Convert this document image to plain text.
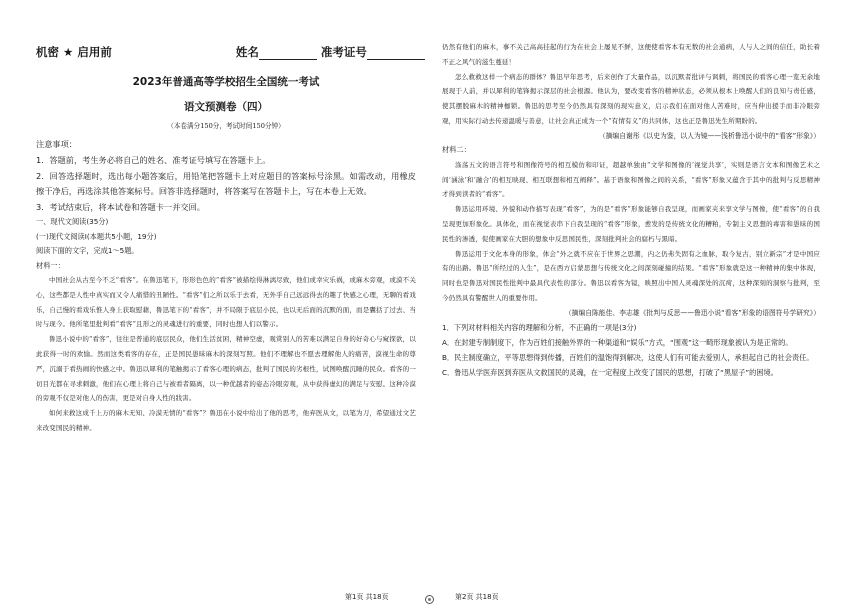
机密 ★ 启用前	姓名	准考证号
2023年普通高等学校招生全国统一考试
语文预测卷（四）
（本卷满分150分，考试时间150分钟）
注意事项：
1．答题前，考生务必将自己的姓名、准考证号填写在答题卡上。
2．回答选择题时，选出每小题答案后，用铅笔把答题卡上对应题目的答案标号涂黑。如需改动，用橡皮擦干净后，再选涂其他答案标号。回答非选择题时，将答案写在答题卡上，写在本卷上无效。
3．考试结束后，将本试卷和答题卡一并交回。
一、现代文阅读(35分)
(一)现代文阅读Ⅰ(本题共5小题，19分)
阅读下面的文字，完成1～5题。
材料一：

中国社会从古至今不乏“看客”。在鲁迅笔下，形形色色的“看客”被描绘得淋漓尽致，他们或幸灾乐祸，或麻木旁观，或漠不关心，这些都是人性中真实而又令人痛惜的丑陋性。“看客”们之所以乐于去看，无外乎自己远远得去的趣了快感之心理，无聊的看戏乐，自己慢的看戏乐惟人身上获取慰藉，鲁迅笔下的“看客”，并不局限于底层小民，也以无后面的沉默的面，而是囊括了过去、当时与现今。他所笔里批判看“看客”且形之的灵魂进行的重要，同时也想人们以警示。

鲁迅小说中的“看客”，往往是普通的底层民众，他们生活贫困，精神空虚，观赏别人的苦难以满足自身的好奇心与窥探欲，以此获得一时的欢愉。然而这类看客的存在，正是国民愚昧麻木的深刻写照。他们不理解也不愿去理解他人的痛苦，漠视生命的尊严，沉溺于看热闹的快感之中。鲁迅以犀利的笔触揭示了看客心理的病态，批判了国民的劣根性，试图唤醒沉睡的民众。看客的一切目光都在寻求刺激，他们在心理上将自己与被看者隔离，以一种优越者的姿态冷眼旁观，从中获得虚幻的满足与安慰。这种冷漠的旁观不仅是对他人的伤害，更是对自身人性的戕害。

如何来救这成千上万的麻木无知、冷漠无情的“看客”？鲁迅在小说中给出了他的思考，他弃医从文，以笔为刀，希望通过文艺来改变国民的精神。

仍然有他们的麻木，事不关己高高挂起的行为在社会上屡见不鲜，这便使看客本有无数的社会通病，人与人之间的信任，助长着不正之风气的滋生蔓延！

怎么救救这样一个病态的群体？鲁迅早年思考，后来创作了大量作品，以沉默者批评与讽刺，将国民的看客心理一览无余地展现于人前，并以犀利的笔锋揭示深层的社会根源。他认为，要改变看客的精神状态，必须从根本上唤醒人们的良知与责任感，使其摆脱麻木的精神枷锁。鲁迅的思考至今仍然具有深刻的现实意义，启示我们在面对他人苦难时，应当伸出援手而非冷眼旁观，用实际行动去传递温暖与善意，让社会真正成为一个“有情有义”的共同体，这也正是鲁迅先生所期盼的。

（摘编自谢彤《以史为鉴，以人为镜——浅析鲁迅小说中的“看客”形象》）
材料二：

涤荡五文的语言符号和图像符号的相互模仿和印证，超越单独由“文学和图像的‘视觉共享’，实则是语言文本和图像艺术之间‘涵泳’和‘融合’的相互映现、相互联想和相互阐释”。基于语象和图像之间的关系，“看客”形象又蕴含于其中的批判与反思精神才得到读者的“看客”。

鲁迅运用环境、外貌和动作描写表现“看客”，为的是“看客”形象能够自我呈现，而画家夹来享文学与图像，使“看客”的自我呈现更加形象化。具体化，而在视觉表串下自我呈现的“看客”形象，愈发的是传统文化的糟粕，专制主义思想的毒害和愚昧的国民性的渗透，促使画家在大胆的想象中反思国民性，深刻批判社会的腐朽与黑暗。

鲁迅运用于文化本身的形象，体会“外之就不应在于世界之思潮，内之仍弗失固有之血脉，取今复古，别立新宗”才是中国应有的出路。鲁迅“所经过的人生”，是在西方启蒙思想与传统文化之间深刻碰撞的结果。“看客”形象就是这一种精神的集中体现，同时也是鲁迅对国民性批判中最具代表性的部分。鲁迅以看客为镜，映照出中国人灵魂深处的沉疴，这种深刻的洞察与批判，至今仍然具有警醒世人的重要作用。

（摘编自陈能佳、李志雄《批判与反思——鲁迅小说“看客”形象的语图符号学研究》）
1．下列对材料相关内容的理解和分析，不正确的一项是(3分)
A．在封建专制制度下，作为百姓们接触外界的一种渠道和“娱乐”方式，“围观”这一畸形现象被认为是正常的。
B．民主制度确立，平等思想得到传播，百姓们的温饱得到解决，这使人们有可能去爱别人，承担起自己的社会责任。
C．鲁迅从学医弃医到弃医从文救国民的灵魂，在一定程度上改变了国民的思想，打破了“黑屋子”的困境。
第1页 共18页	第2页 共18页
